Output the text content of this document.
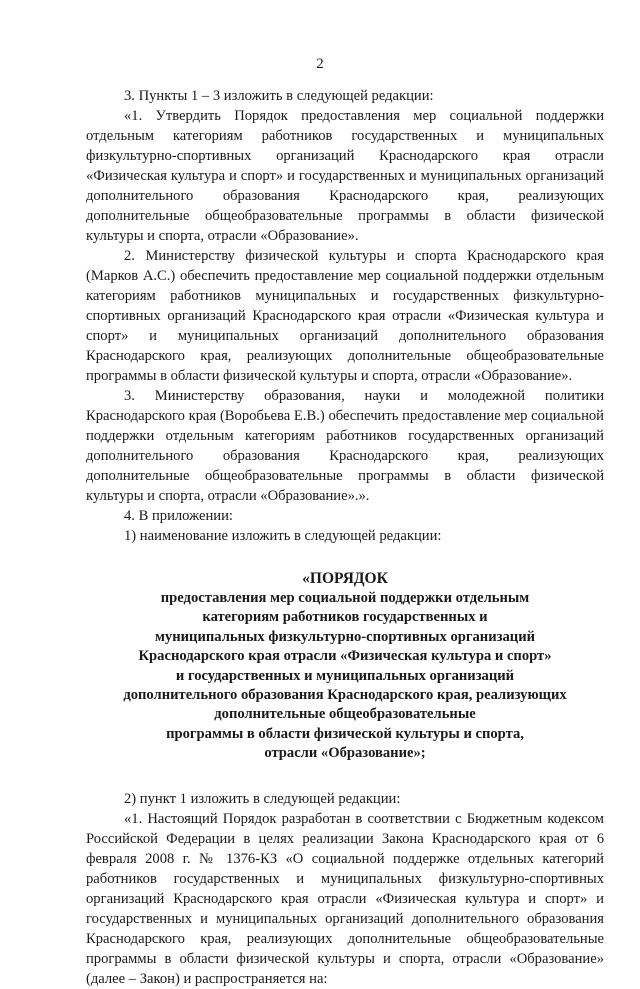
2

3. Пункты 1 – 3 изложить в следующей редакции:

«1. Утвердить Порядок предоставления мер социальной поддержки отдельным категориям работников государственных и муниципальных физкультурно-спортивных организаций Краснодарского края отрасли «Физическая культура и спорт» и государственных и муниципальных организаций дополнительного образования Краснодарского края, реализующих дополнительные общеобразовательные программы в области физической культуры и спорта, отрасли «Образование».

2. Министерству физической культуры и спорта Краснодарского края (Марков А.С.) обеспечить предоставление мер социальной поддержки отдельным категориям работников муниципальных и государственных физкультурно-спортивных организаций Краснодарского края отрасли «Физическая культура и спорт» и муниципальных организаций дополнительного образования Краснодарского края, реализующих дополнительные общеобразовательные программы в области физической культуры и спорта, отрасли «Образование».

3. Министерству образования, науки и молодежной политики Краснодарского края (Воробьева Е.В.) обеспечить предоставление мер социальной поддержки отдельным категориям работников государственных организаций дополнительного образования Краснодарского края, реализующих дополнительные общеобразовательные программы в области физической культуры и спорта, отрасли «Образование».».

4. В приложении:

1) наименование изложить в следующей редакции:

«ПОРЯДОК

предоставления мер социальной поддержки отдельным

категориям работников государственных и

муниципальных физкультурно-спортивных организаций

Краснодарского края отрасли «Физическая культура и спорт»

и государственных и муниципальных организаций

дополнительного образования Краснодарского края, реализующих

дополнительные общеобразовательные

программы в области физической культуры и спорта,

отрасли «Образование»;

2) пункт 1 изложить в следующей редакции:

«1. Настоящий Порядок разработан в соответствии с Бюджетным кодексом Российской Федерации в целях реализации Закона Краснодарского края от 6 февраля 2008 г. № 1376-КЗ «О социальной поддержке отдельных категорий работников государственных и муниципальных физкультурно-спортивных организаций Краснодарского края отрасли «Физическая культура и спорт» и государственных и муниципальных организаций дополнительного образования Краснодарского края, реализующих дополнительные общеобразовательные программы в области физической культуры и спорта, отрасли «Образование» (далее – Закон) и распространяется на:
